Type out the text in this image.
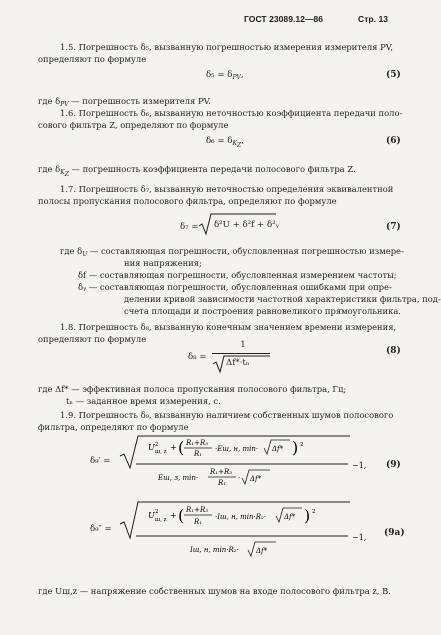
ГОСТ 23089.12—86	Стр. 13
1.5. Погрешность δ₅, вызванную погрешностью измерения измерителя PV,
определяют по формуле
$\delta_5 = \delta_{PV}$,	(5)
где $\delta_{PV}$ — погрешность измерителя PV.
1.6. Погрешность δ₆, вызванную неточностью коэффициента передачи поло-
сового фильтра Z, определяют по формуле
$\delta_6 = \delta_{K_Z}$,	(6)
где $\delta_{K_Z}$ — погрешность коэффициента передачи полосового фильтра Z.
1.7. Погрешность δ₇, вызванную неточностью определения эквивалентной
полосы пропускания полосового фильтра, определяют по формуле
δ₇ = δ²U + δ²f + δ²ᵧ	(7)
где $\delta_U$ — составляющая погрешности, обусловленная погрешностью измере-
ния напряжения;
δf — составляющая погрешности, обусловленная измерением частоты;
δᵧ — составляющая погрешности, обусловленная ошибками при опре-
делении кривой зависимости частотной характеристики фильтра, под-
счета площади и построения равновеликого прямоугольника.
1.8. Погрешность δ₈, вызванную конечным значением времени измерения,
определяют по формуле
δ₈ =
1
Δf*·tₙ
(8)
где Δf* — эффективная полоса пропускания полосового фильтра, Гц;
tₙ — заданное время измерения, с.
1.9. Погрешность δ₉, вызванную наличием собственных шумов полосового
фильтра, определяют по формуле
δ₉′ =
U 2
ш, z + ( R₁+R₃
R₁
·Eш, н, min· Δf* ) 2
Eш, з, min·
R₁+R₃
R₁
· Δf*
−1, (9)
δ₉″ =
U 2
ш, z + ( R₁+R₃
R₁
·Iш, н, min·R₂·	Δf* ) 2
Iш, н, min·R₂· Δf*
−1, (9a)
где Uш,z — напряжение собственных шумов на входе полосового фильтра z, В.
